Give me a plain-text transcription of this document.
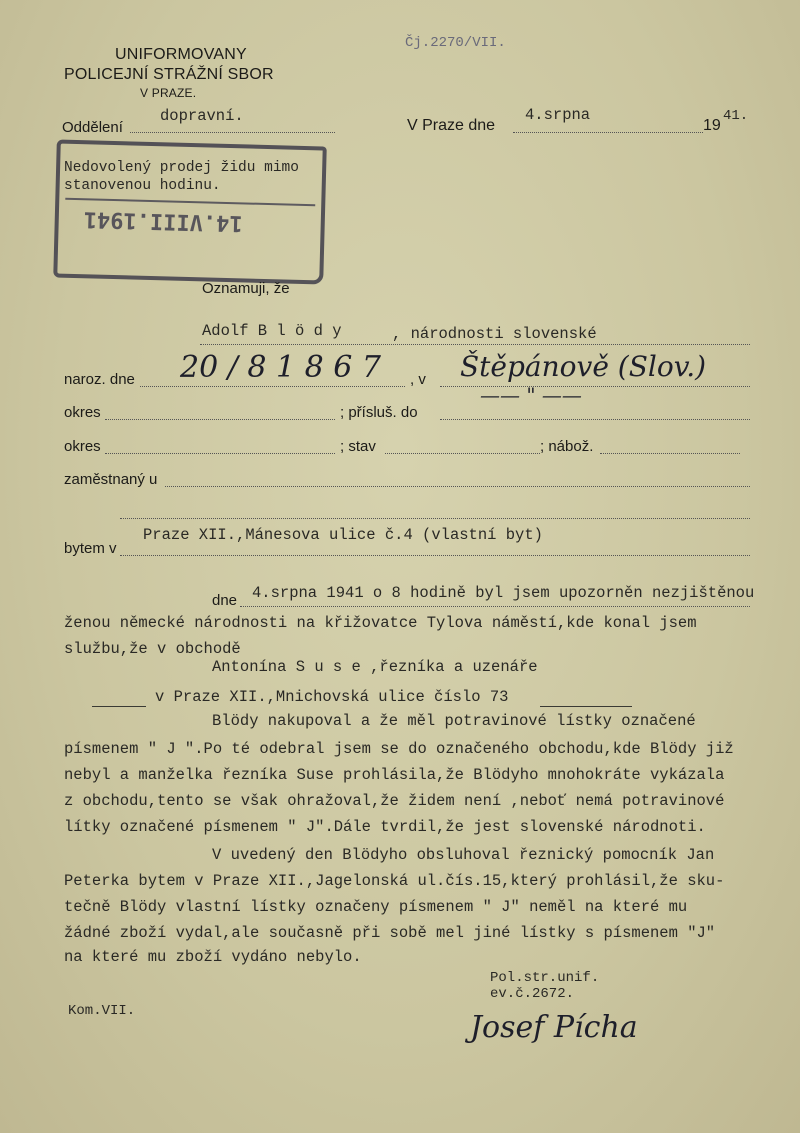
UNIFORMOVANY
POLICEJNÍ STRÁŽNÍ SBOR
V PRAZE.
Čj.2270/VII.
Oddělení
dopravní.
V Praze dne
4.srpna
19
41.
14.VIII.1941
Nedovolený prodej židu mimo
stanovenou hodinu.
Oznamuji, že
Adolf B l ö d y	, národnosti slovenské
naroz. dne 20 / 8 1 8 6 7 , v Štěpánově (Slov.)
okres	; přísluš. do
—— " ——
okres	; stav	; nábož.
zaměstnaný u
bytem v
Praze XII.,Mánesova ulice č.4 (vlastní byt)
dne 4.srpna 1941 o 8 hodině byl jsem upozorněn nezjištěnou
ženou německé národnosti na křižovatce Tylova náměstí,kde konal jsem
službu,že v obchodě
Antonína S u s e ,řezníka a uzenáře
v Praze XII.,Mnichovská ulice číslo 73
Blödy nakupoval a že měl potravinové lístky označené
písmenem " J ".Po té odebral jsem se do označeného obchodu,kde Blödy již
nebyl a manželka řezníka Suse prohlásila,že Blödyho mnohokráte vykázala
z obchodu,tento se však ohražoval,že židem není ,neboť nemá potravinové
lítky označené písmenem " J".Dále tvrdil,že jest slovenské národnoti.
V uvedený den Blödyho obsluhoval řeznický pomocník Jan
Peterka bytem v Praze XII.,Jagelonská ul.čís.15,který prohlásil,že sku-
tečně Blödy vlastní lístky označeny písmenem " J" neměl na které mu
žádné zboží vydal,ale současně při sobě mel jiné lístky s písmenem "J"
na které mu zboží vydáno nebylo.
Pol.str.unif.
ev.č.2672.
Kom.VII.	Josef Pícha
